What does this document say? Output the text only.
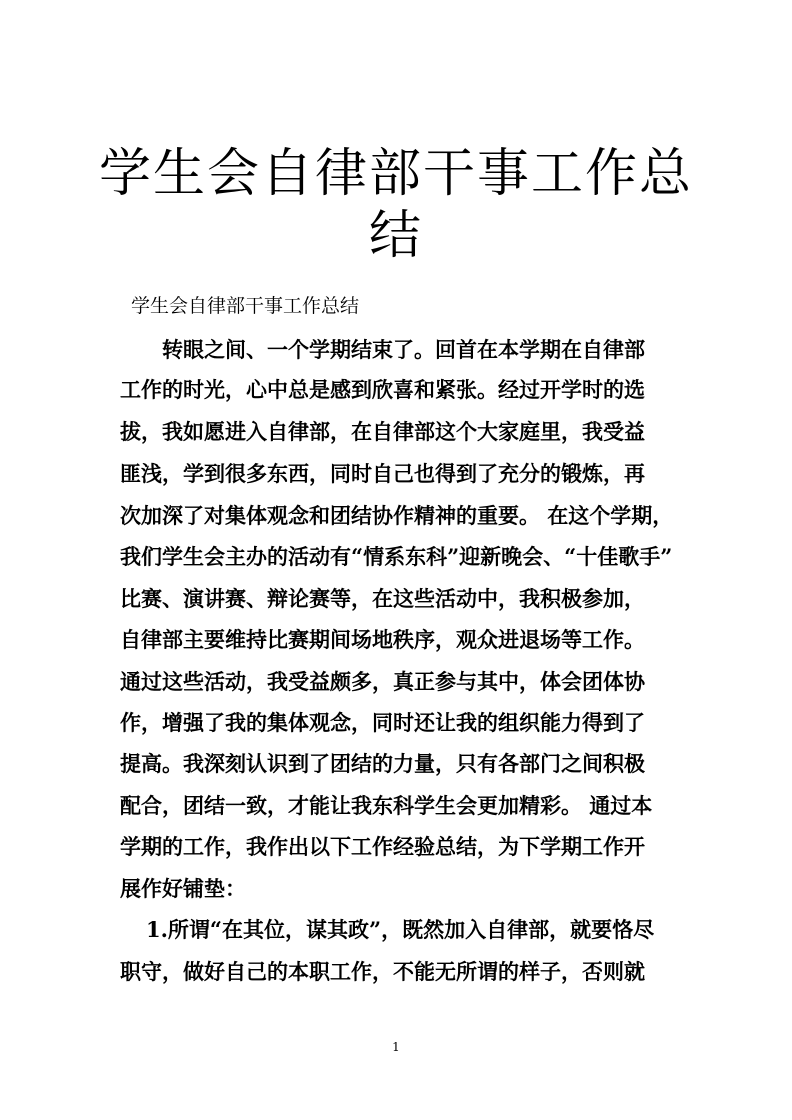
学生会自律部干事工作总
结
学生会自律部干事工作总结
转眼之间、一个学期结束了。回首在本学期在自律部
工作的时光，心中总是感到欣喜和紧张。经过开学时的选
拔，我如愿进入自律部，在自律部这个大家庭里，我受益
匪浅，学到很多东西，同时自己也得到了充分的锻炼，再
次加深了对集体观念和团结协作精神的重要。 在这个学期，
我们学生会主办的活动有“情系东科”迎新晚会、“十佳歌手”
比赛、演讲赛、辩论赛等，在这些活动中，我积极参加，
自律部主要维持比赛期间场地秩序，观众进退场等工作。
通过这些活动，我受益颇多，真正参与其中，体会团体协
作，增强了我的集体观念，同时还让我的组织能力得到了
提高。我深刻认识到了团结的力量，只有各部门之间积极
配合，团结一致，才能让我东科学生会更加精彩。 通过本
学期的工作，我作出以下工作经验总结，为下学期工作开
展作好铺垫：
1.所谓“在其位，谋其政”，既然加入自律部，就要恪尽
职守，做好自己的本职工作，不能无所谓的样子，否则就
1
